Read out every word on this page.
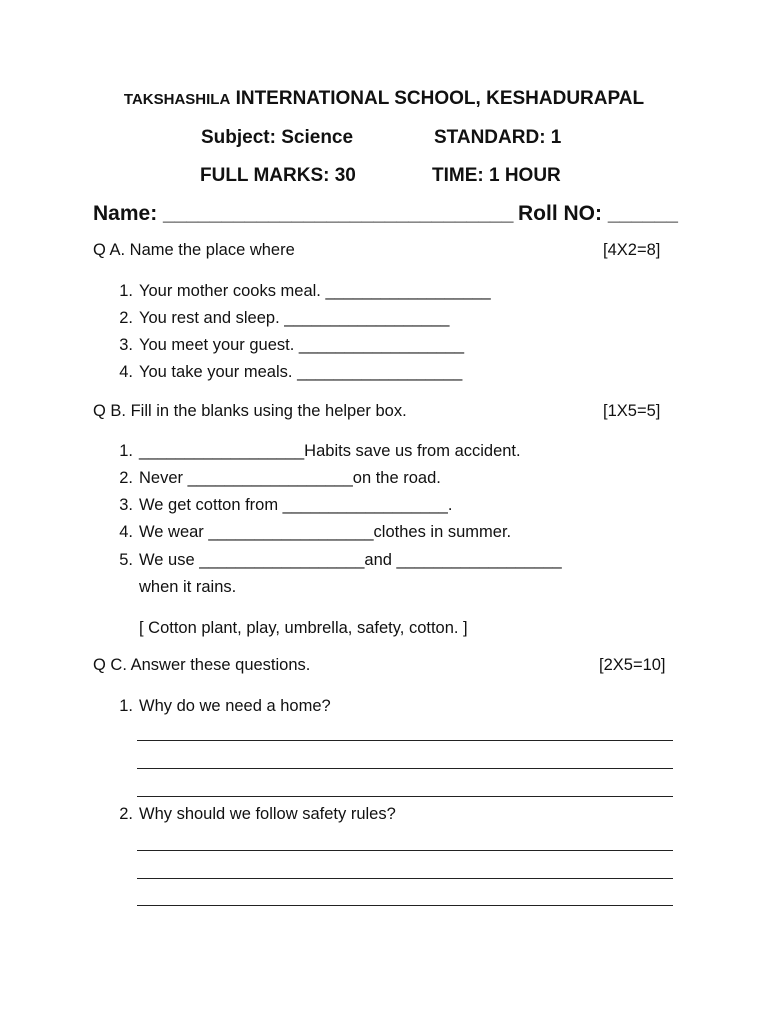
TAKSHASHILA INTERNATIONAL SCHOOL, KESHADURAPAL
Subject: Science	STANDARD: 1
FULL MARKS: 30	TIME: 1 HOUR
Name: ______________________________ Roll NO: ______
Q A. Name the place where	[4X2=8]
1. Your mother cooks meal. __________________
2. You rest and sleep. __________________
3. You meet your guest. __________________
4. You take your meals. __________________
Q B. Fill in the blanks using the helper box.	[1X5=5]
1. __________________Habits save us from accident.
2. Never __________________on the road.
3. We get cotton from __________________.
4. We wear __________________clothes in summer.
5. We use __________________and __________________
when it rains.
[ Cotton plant, play, umbrella, safety, cotton. ]
Q C. Answer these questions.	[2X5=10]
1. Why do we need a home?
2. Why should we follow safety rules?
